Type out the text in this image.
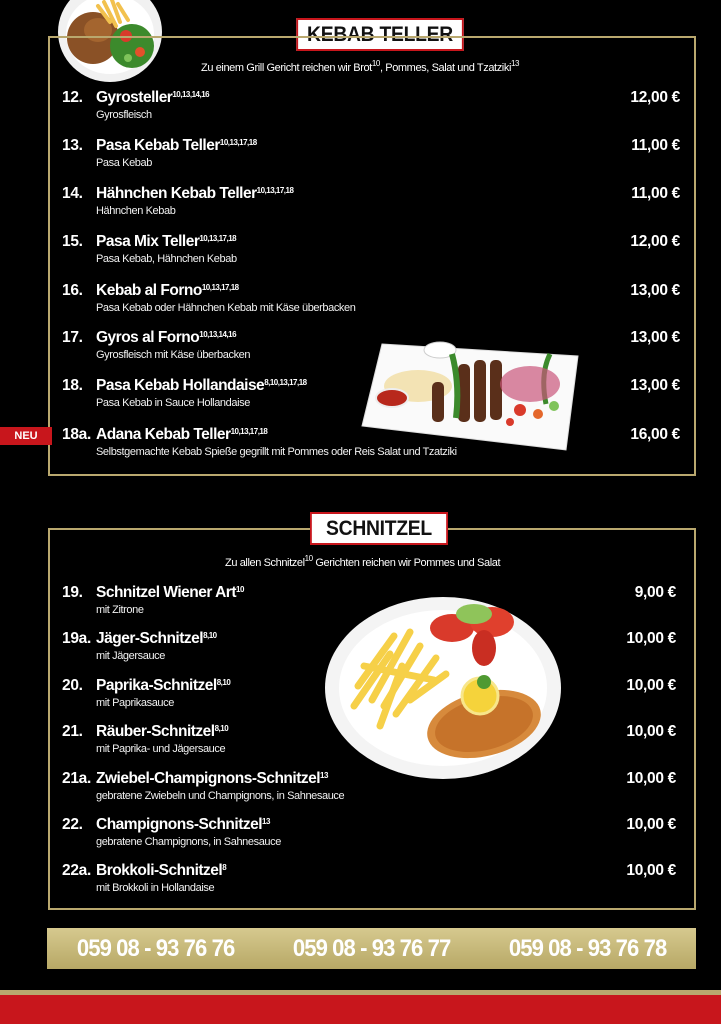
KEBAB TELLER
Zu einem Grill Gericht reichen wir Brot$^{10}$, Pommes, Salat und Tzatziki$^{13}$
12. Gyrosteller$^{10,13,14,16}$
Gyrosfleisch
12,00 €
13. Pasa Kebab Teller$^{10,13,17,18}$
Pasa Kebab
11,00 €
14. Hähnchen Kebab Teller$^{10,13,17,18}$
Hähnchen Kebab
11,00 €
15. Pasa Mix Teller$^{10,13,17,18}$
Pasa Kebab, Hähnchen Kebab
12,00 €
16. Kebab al Forno$^{10,13,17,18}$
Pasa Kebab oder Hähnchen Kebab mit Käse überbacken
13,00 €
17. Gyros al Forno$^{10,13,14,16}$
Gyrosfleisch mit Käse überbacken
13,00 €
18. Pasa Kebab Hollandaise$^{8,10,13,17,18}$
Pasa Kebab in Sauce Hollandaise
13,00 €
NEU	18a. Adana Kebab Teller$^{10,13,17,18}$
Selbstgemachte Kebab Spieße gegrillt mit Pommes oder Reis Salat und Tzatziki
16,00 €
SCHNITZEL
Zu allen Schnitzel$^{10}$ Gerichten reichen wir Pommes und Salat
19. Schnitzel Wiener Art$^{10}$
mit Zitrone
9,00 €
19a. Jäger-Schnitzel$^{8,10}$
mit Jägersauce
10,00 €
20. Paprika-Schnitzel$^{8,10}$
mit Paprikasauce
10,00 €
21. Räuber-Schnitzel$^{8,10}$
mit Paprika- und Jägersauce
10,00 €
21a. Zwiebel-Champignons-Schnitzel$^{13}$
gebratene Zwiebeln und Champignons, in Sahnesauce
10,00 €
22. Champignons-Schnitzel$^{13}$
gebratene Champignons, in Sahnesauce
10,00 €
22a. Brokkoli-Schnitzel$^8$
mit Brokkoli in Hollandaise
10,00 €
059 08 - 93 76 76 059 08 - 93 76 77 059 08 - 93 76 78
